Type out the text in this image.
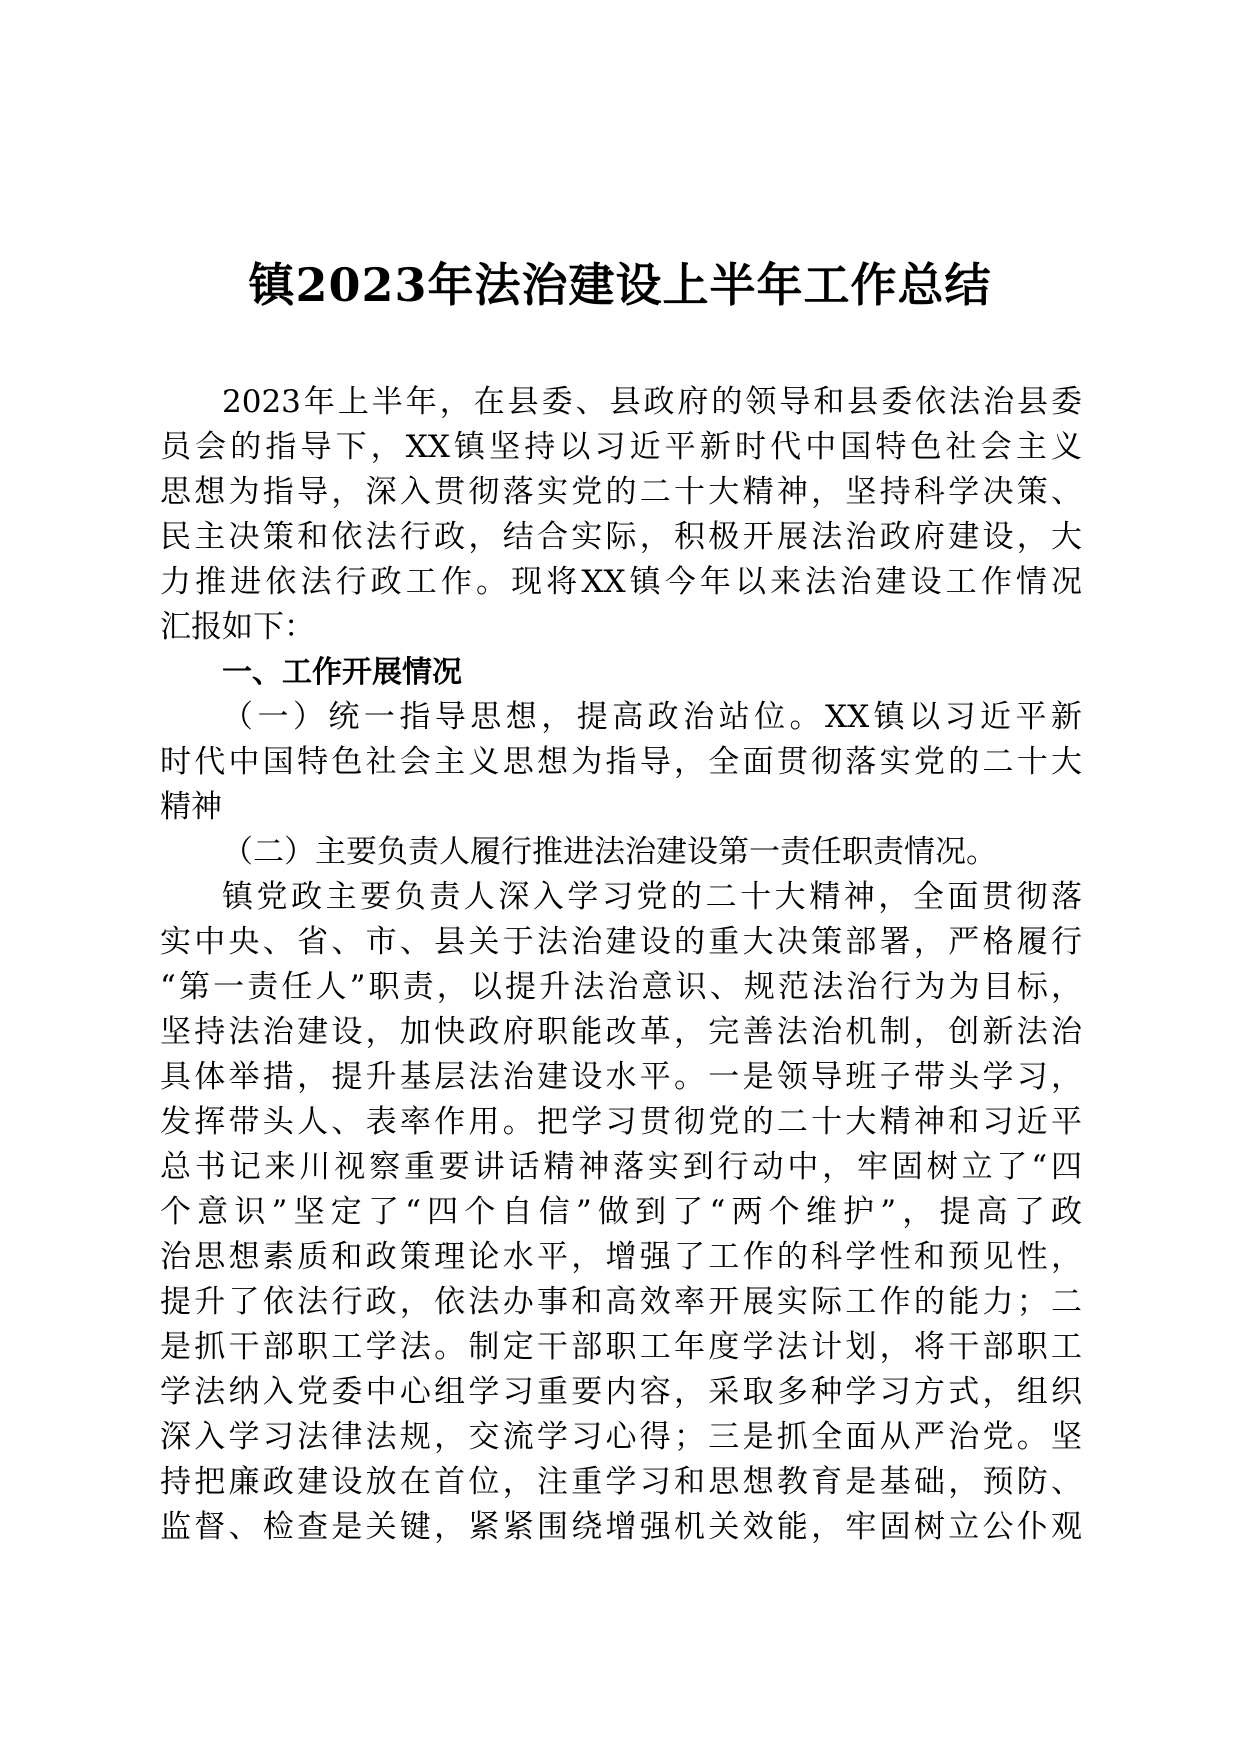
镇2023年法治建设上半年工作总结
2023年上半年，在县委、县政府的领导和县委依法治县委
员会的指导下，XX镇坚持以习近平新时代中国特色社会主义
思想为指导，深入贯彻落实党的二十大精神，坚持科学决策、
民主决策和依法行政，结合实际，积极开展法治政府建设，大
力推进依法行政工作。现将XX镇今年以来法治建设工作情况
汇报如下：
一、工作开展情况
（一）统一指导思想，提高政治站位。XX镇以习近平新
时代中国特色社会主义思想为指导，全面贯彻落实党的二十大
精神
（二）主要负责人履行推进法治建设第一责任职责情况。
镇党政主要负责人深入学习党的二十大精神，全面贯彻落
实中央、省、市、县关于法治建设的重大决策部署，严格履行
“第一责任人”职责，以提升法治意识、规范法治行为为目标，
坚持法治建设，加快政府职能改革，完善法治机制，创新法治
具体举措，提升基层法治建设水平。一是领导班子带头学习，
发挥带头人、表率作用。把学习贯彻党的二十大精神和习近平
总书记来川视察重要讲话精神落实到行动中，牢固树立了“四
个意识”坚定了“四个自信”做到了“两个维护”，提高了政
治思想素质和政策理论水平，增强了工作的科学性和预见性，
提升了依法行政，依法办事和高效率开展实际工作的能力；二
是抓干部职工学法。制定干部职工年度学法计划，将干部职工
学法纳入党委中心组学习重要内容，采取多种学习方式，组织
深入学习法律法规，交流学习心得；三是抓全面从严治党。坚
持把廉政建设放在首位，注重学习和思想教育是基础，预防、
监督、检查是关键，紧紧围绕增强机关效能，牢固树立公仆观
